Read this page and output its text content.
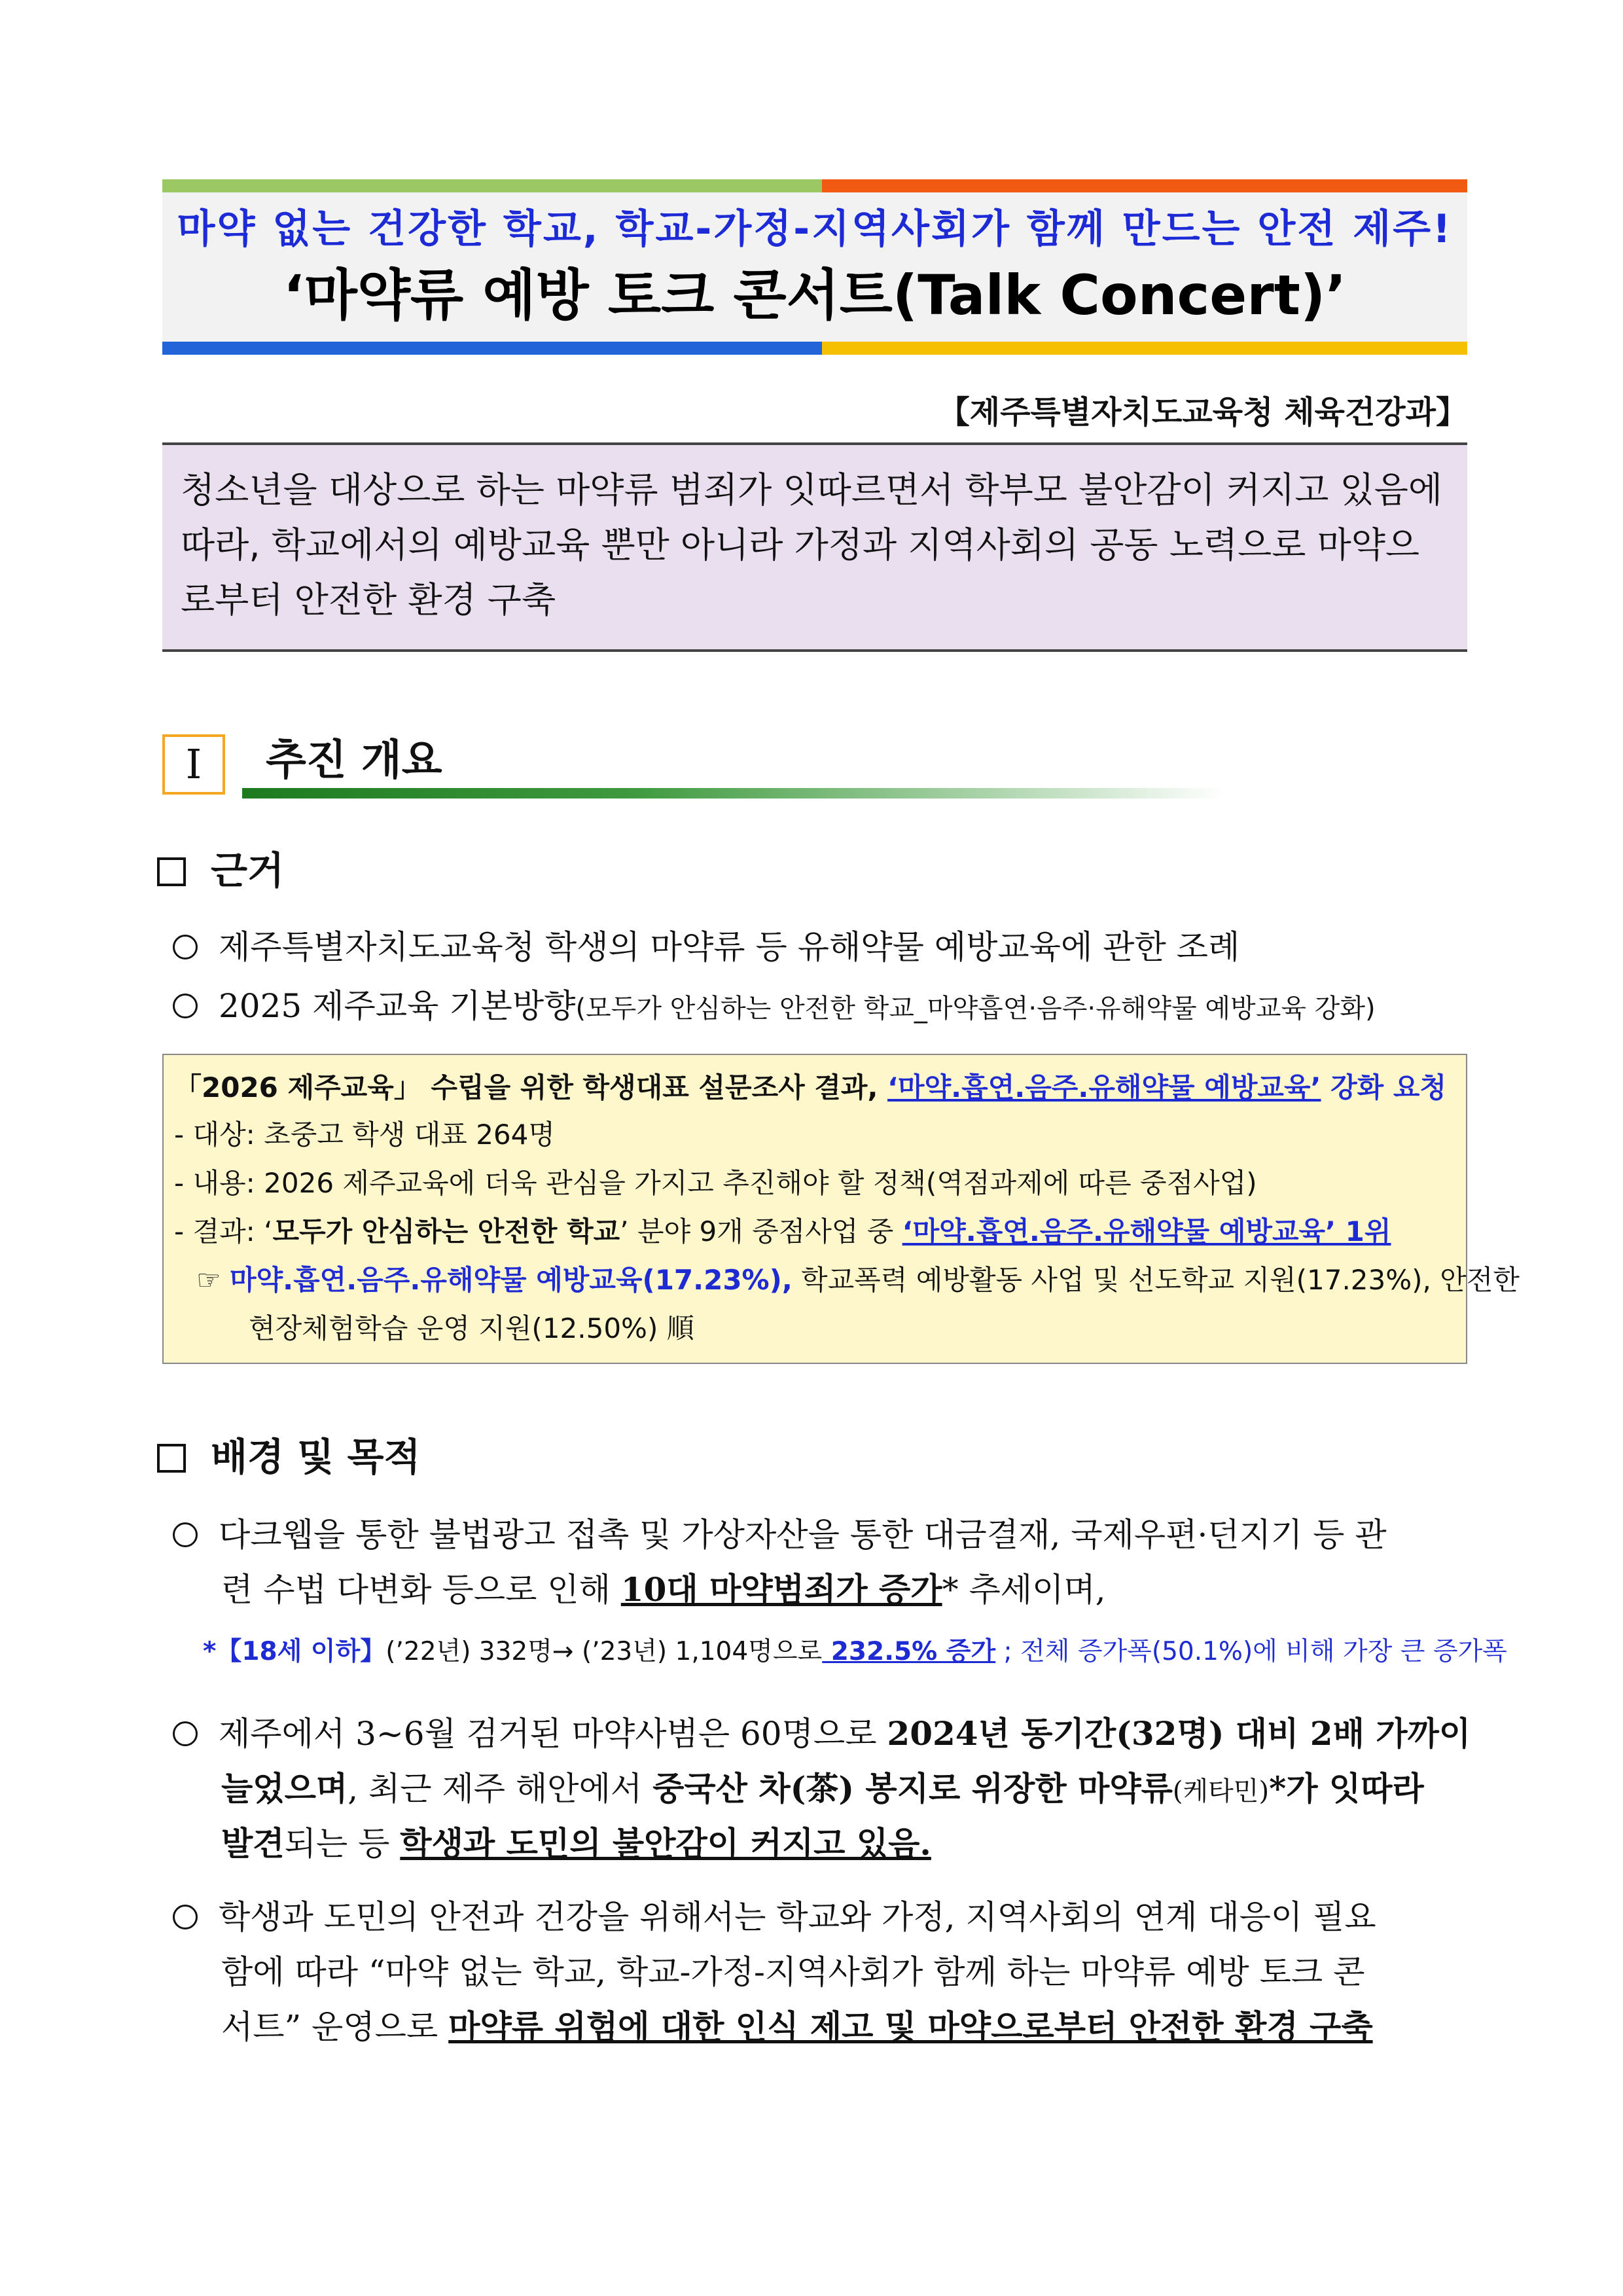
마약 없는 건강한 학교, 학교-가정-지역사회가 함께 만드는 안전 제주!
‘마약류 예방 토크 콘서트(Talk Concert)’
【제주특별자치도교육청 체육건강과】
청소년을 대상으로 하는 마약류 범죄가 잇따르면서 학부모 불안감이 커지고 있음에
따라, 학교에서의 예방교육 뿐만 아니라 가정과 지역사회의 공동 노력으로 마약으
로부터 안전한 환경 구축
Ⅰ	추진 개요
근거
제주특별자치도교육청 학생의 마약류 등 유해약물 예방교육에 관한 조례
2025 제주교육 기본방향(모두가 안심하는 안전한 학교_마약흡연·음주·유해약물 예방교육 강화)
「2026 제주교육」 수립을 위한 학생대표 설문조사 결과, ‘마약.흡연.음주.유해약물 예방교육’ 강화 요청
- 대상: 초중고 학생 대표 264명
- 내용: 2026 제주교육에 더욱 관심을 가지고 추진해야 할 정책(역점과제에 따른 중점사업)
- 결과: ‘모두가 안심하는 안전한 학교’ 분야 9개 중점사업 중 ‘마약.흡연.음주.유해약물 예방교육’ 1위
☞ 마약.흡연.음주.유해약물 예방교육(17.23%), 학교폭력 예방활동 사업 및 선도학교 지원(17.23%), 안전한
현장체험학습 운영 지원(12.50%) 順
배경 및 목적
다크웹을 통한 불법광고 접촉 및 가상자산을 통한 대금결재, 국제우편·던지기 등 관
련 수법 다변화 등으로 인해 10대 마약범죄가 증가* 추세이며,
*【18세 이하】(’22년) 332명→ (’23년) 1,104명으로 232.5% 증가 ; 전체 증가폭(50.1%)에 비해 가장 큰 증가폭
제주에서 3~6월 검거된 마약사범은 60명으로 2024년 동기간(32명) 대비 2배 가까이
늘었으며, 최근 제주 해안에서 중국산 차(茶) 봉지로 위장한 마약류(케타민)*가 잇따라
발견되는 등 학생과 도민의 불안감이 커지고 있음.
학생과 도민의 안전과 건강을 위해서는 학교와 가정, 지역사회의 연계 대응이 필요
함에 따라 “마약 없는 학교, 학교-가정-지역사회가 함께 하는 마약류 예방 토크 콘
서트” 운영으로 마약류 위험에 대한 인식 제고 및 마약으로부터 안전한 환경 구축
